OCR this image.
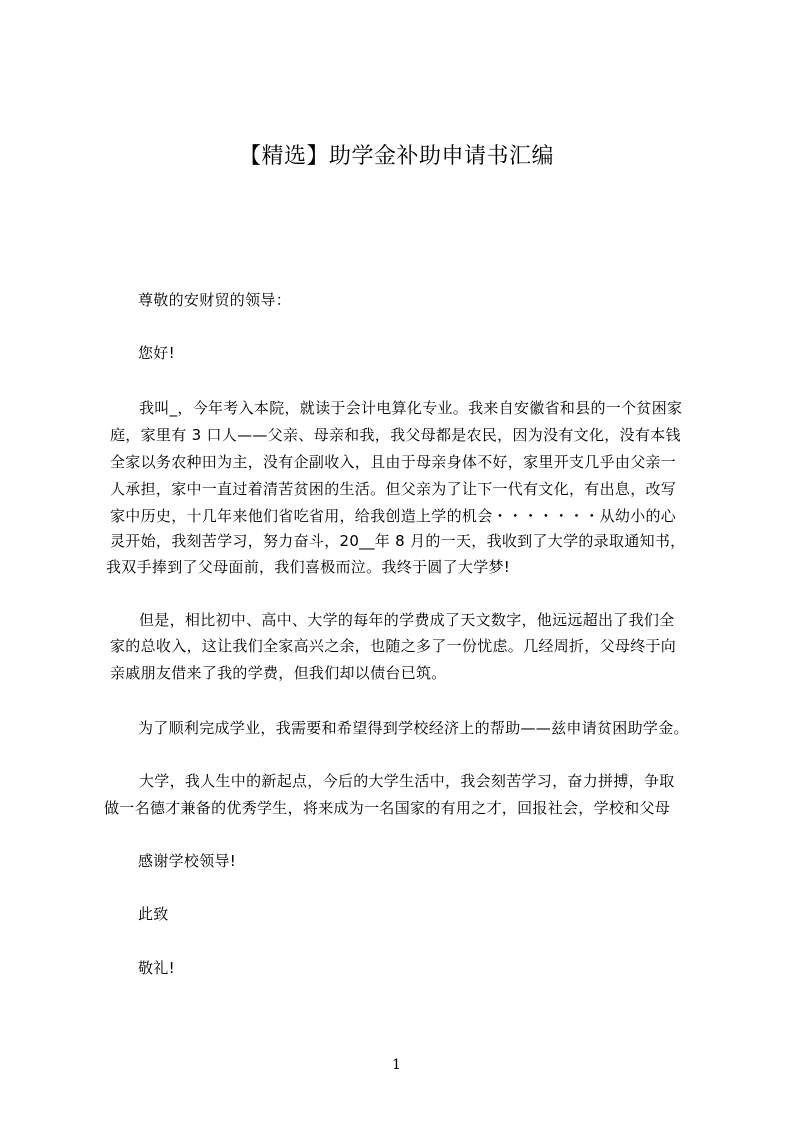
【精选】助学金补助申请书汇编
尊敬的安财贸的领导：
您好!
我叫_，今年考入本院，就读于会计电算化专业。我来自安徽省和县的一个贫困家
庭，家里有 3 口人——父亲、母亲和我，我父母都是农民，因为没有文化，没有本钱
全家以务农种田为主，没有企副收入，且由于母亲身体不好，家里开支几乎由父亲一
人承担，家中一直过着清苦贫困的生活。但父亲为了让下一代有文化，有出息，改写
家中历史，十几年来他们省吃省用，给我创造上学的机会・・・・・・・从幼小的心
灵开始，我刻苦学习，努力奋斗，20__年 8 月的一天，我收到了大学的录取通知书，
我双手捧到了父母面前，我们喜极而泣。我终于圆了大学梦!
但是，相比初中、高中、大学的每年的学费成了天文数字，他远远超出了我们全
家的总收入，这让我们全家高兴之余，也随之多了一份忧虑。几经周折，父母终于向
亲戚朋友借来了我的学费，但我们却以债台已筑。
为了顺利完成学业，我需要和希望得到学校经济上的帮助——兹申请贫困助学金。
大学，我人生中的新起点，今后的大学生活中，我会刻苦学习，奋力拼搏，争取
做一名德才兼备的优秀学生，将来成为一名国家的有用之才，回报社会，学校和父母
感谢学校领导!
此致
敬礼!
1
